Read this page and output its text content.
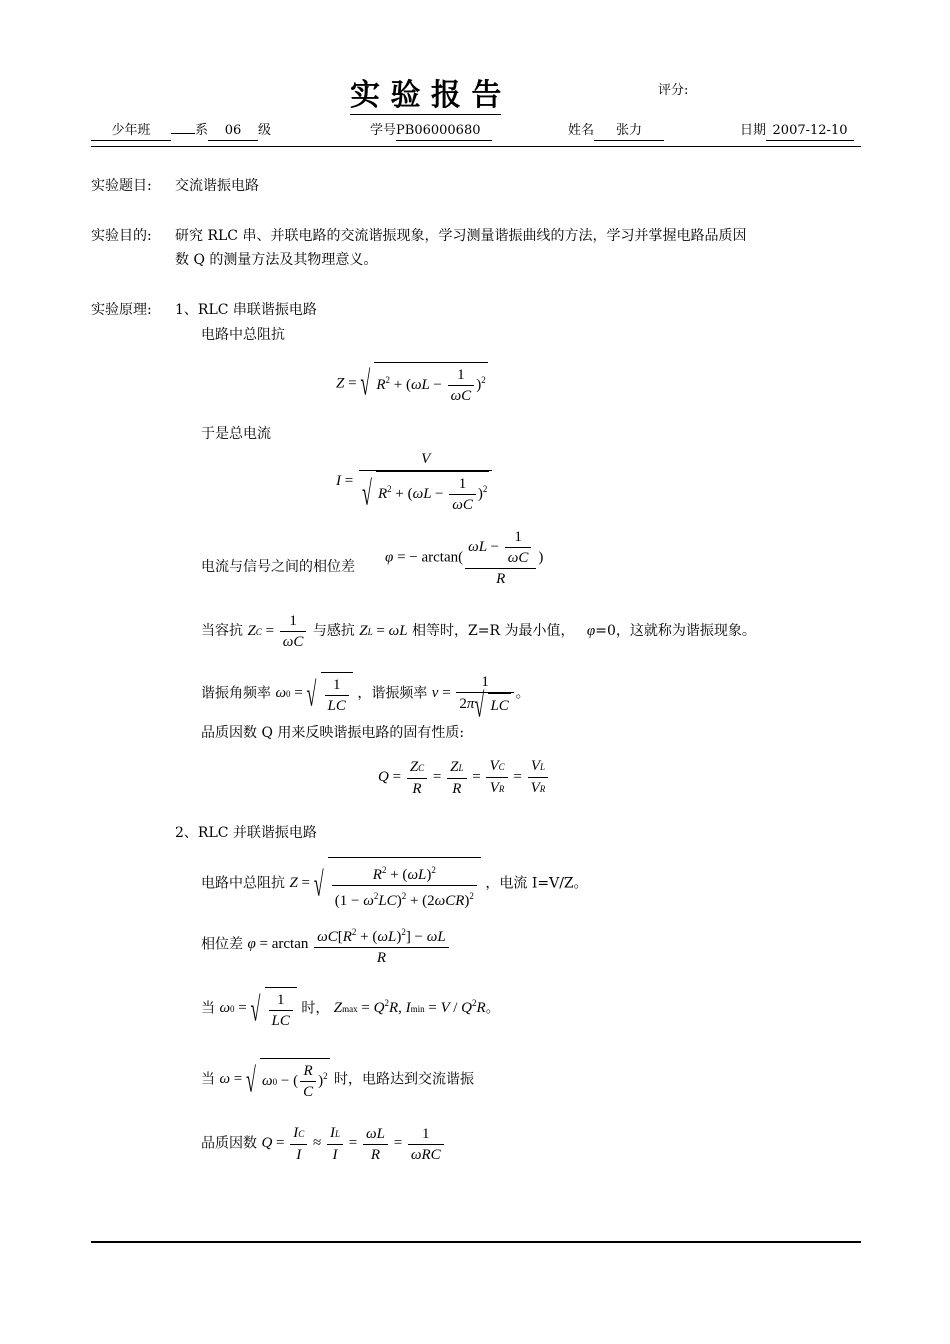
实 验 报 告	评分:
少年班	系 06 级	学号PB06000680	姓名 张力	日期 2007-12-10
实验题目: 交流谐振电路
实验目的: 研究 RLC 串、并联电路的交流谐振现象，学习测量谐振曲线的方法，学习并掌握电路品质因
数 Q 的测量方法及其物理意义。
实验原理: 1、RLC 串联谐振电路
电路中总阻抗
Z = √ $R^2 + (\omega L - \frac{1}{\omega C} )^2$
于是总电流
I = V
√ $R^2 + (\omega L - \frac{1}{\omega C} )^2$
电流与信号之间的相位差
φ = − $\arctan( \frac{\omega L - \frac{1}{\omega C}}{R}$ )
当容抗 ZC = $\frac{1}{\omega C}$ 与感抗 ZL = ωL 相等时，Z=R 为最小值， φ=0，这就称为谐振现象。
谐振角频率 ω0 = √ $\frac{1}{LC}$ ，谐振频率 $\nu = \frac{1}{2\pi √ LC}$ 。
品质因数 Q 用来反映谐振电路的固有性质:
$Q = \frac{ZC}{R} = \frac{ZL}{R} = \frac{VC}{VR} = \frac{VL}{VR}$
2、RLC 并联谐振电路
电路中总阻抗 Z = √ $\frac{R^2 + (\omega L)^2}{(1 - \omega^2LC)^2 + (2\omega CR)^2}$ ，电流 I=V/Z。
相位差 $\varphi = \arctan \frac{\omega C[R^2 + (\omega L)^2] - \omega L}{R}$
当 ω0 = √ $\frac{1}{LC}$ 时， $Zmax = Q^2R$, $Imin = V / Q^2R$。
当 ω = √ ω0 − ( $\frac{R}{C} )^2$ 时，电路达到交流谐振
品质因数 $Q = \frac{IC}{I} \approx \frac{IL}{I} = \frac{\omega L}{R} = \frac{1}{\text{ωRC}}$
